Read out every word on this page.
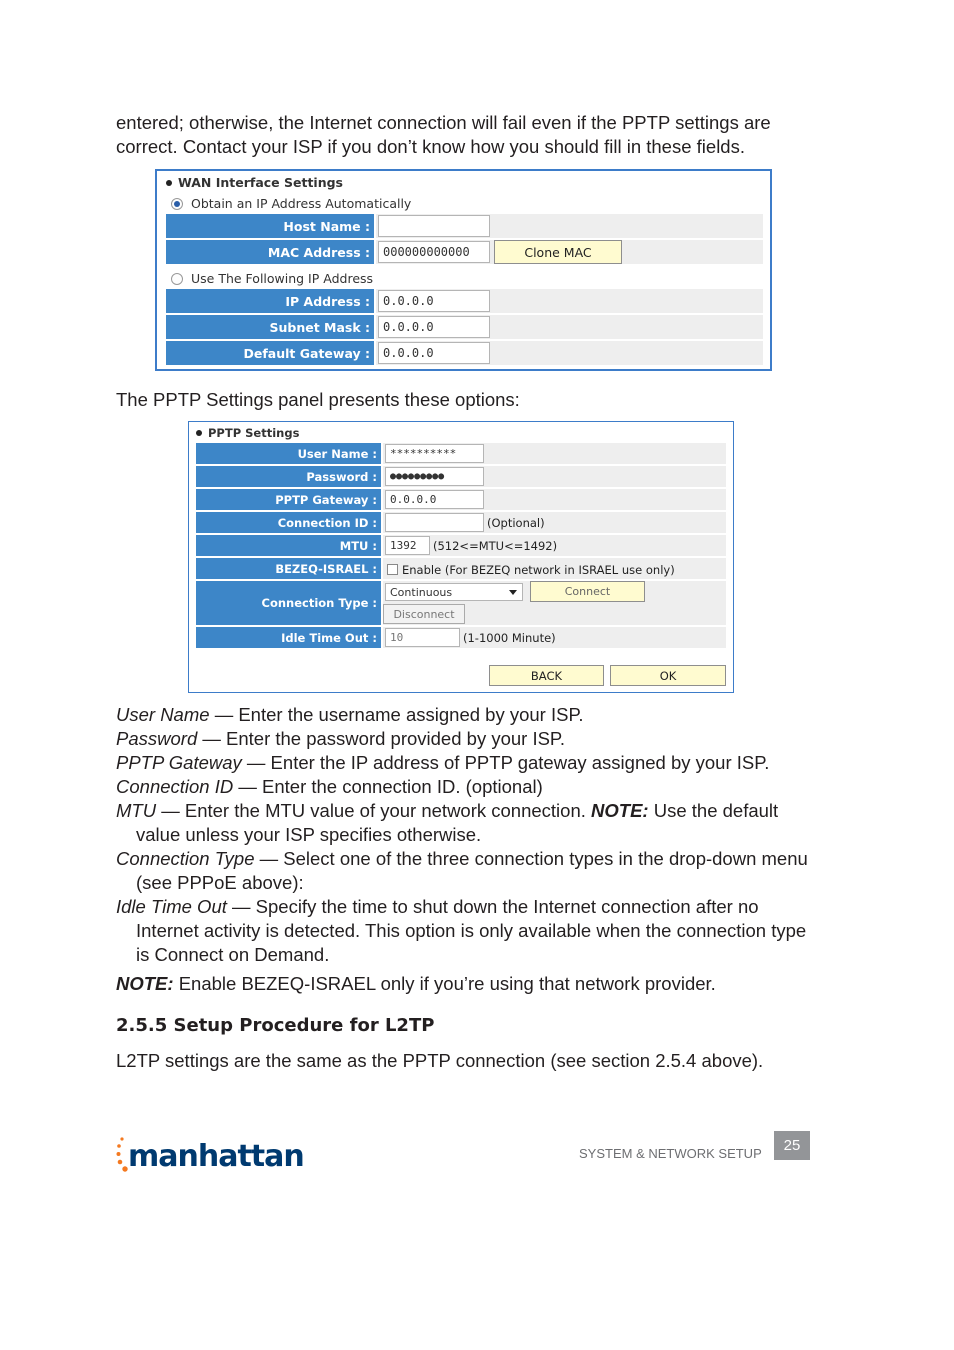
entered; otherwise, the Internet connection will fail even if the PPTP settings are
correct. Contact your ISP if you don’t know how you should fill in these fields.

WAN Interface Settings
Obtain an IP Address Automatically
Host Name :
MAC Address :	000000000000	Clone MAC
Use The Following IP Address
IP Address :	0.0.0.0
Subnet Mask :	0.0.0.0
Default Gateway :	0.0.0.0

The PPTP Settings panel presents these options:

PPTP Settings
User Name :	**********
Password :	●●●●●●●●●
PPTP Gateway :	0.0.0.0
Connection ID :	(Optional)
MTU :	1392	(512<=MTU<=1492)
BEZEQ-ISRAEL :	Enable (For BEZEQ network in ISRAEL use only)
Connection Type :
Continuous	Connect
Disconnect
Idle Time Out :	10	(1-1000 Minute)
BACK	OK

User Name — Enter the username assigned by your ISP.

Password — Enter the password provided by your ISP.

PPTP Gateway — Enter the IP address of PPTP gateway assigned by your ISP.

Connection ID — Enter the connection ID. (optional)

MTU — Enter the MTU value of your network connection. NOTE: Use the default value unless your ISP specifies otherwise.

Connection Type — Select one of the three connection types in the drop-down menu (see PPPoE above):

Idle Time Out — Specify the time to shut down the Internet connection after no Internet activity is detected. This option is only available when the connection type is Connect on Demand.

NOTE: Enable BEZEQ-ISRAEL only if you’re using that network provider.

2.5.5 Setup Procedure for L2TP

L2TP settings are the same as the PPTP connection (see section 2.5.4 above).

manhattan	SYSTEM & NETWORK SETUP	25
